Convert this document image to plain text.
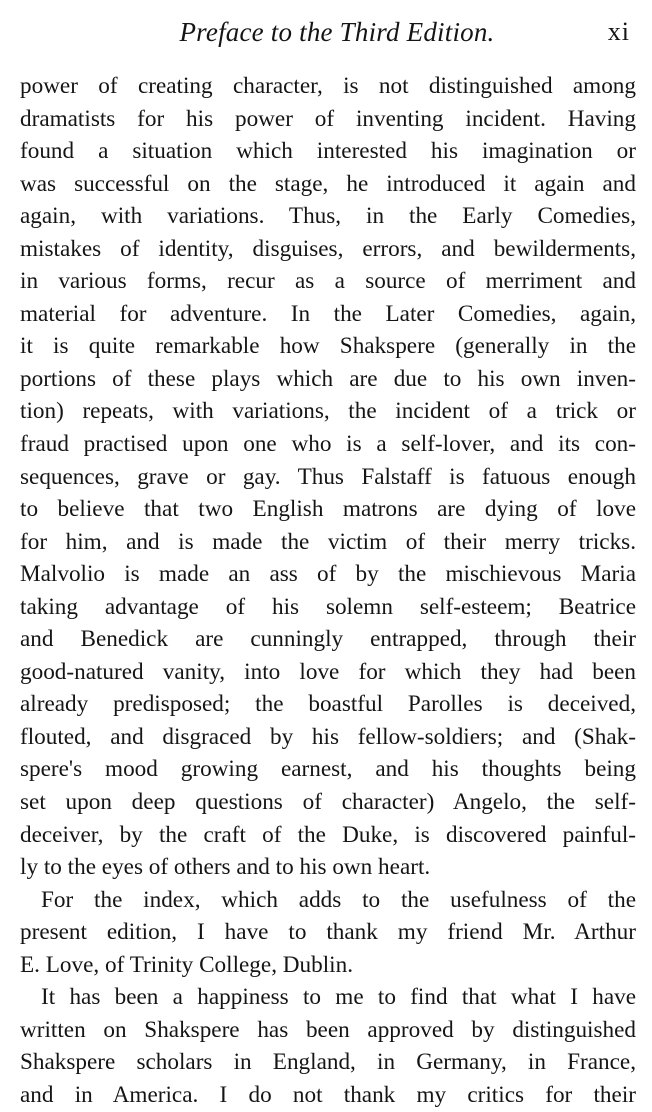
Preface to the Third Edition.	xi
power of creating character, is not distinguished among
dramatists for his power of inventing incident. Having
found a situation which interested his imagination or
was successful on the stage, he introduced it again and
again, with variations. Thus, in the Early Comedies,
mistakes of identity, disguises, errors, and bewilderments,
in various forms, recur as a source of merriment and
material for adventure. In the Later Comedies, again,
it is quite remarkable how Shakspere (generally in the
portions of these plays which are due to his own inven-
tion) repeats, with variations, the incident of a trick or
fraud practised upon one who is a self-lover, and its con-
sequences, grave or gay. Thus Falstaff is fatuous enough
to believe that two English matrons are dying of love
for him, and is made the victim of their merry tricks.
Malvolio is made an ass of by the mischievous Maria
taking advantage of his solemn self-esteem; Beatrice
and Benedick are cunningly entrapped, through their
good-natured vanity, into love for which they had been
already predisposed; the boastful Parolles is deceived,
flouted, and disgraced by his fellow-soldiers; and (Shak-
spere's mood growing earnest, and his thoughts being
set upon deep questions of character) Angelo, the self-
deceiver, by the craft of the Duke, is discovered painful-
ly to the eyes of others and to his own heart.
For the index, which adds to the usefulness of the
present edition, I have to thank my friend Mr. Arthur
E. Love, of Trinity College, Dublin.
It has been a happiness to me to find that what I have
written on Shakspere has been approved by distinguished
Shakspere scholars in England, in Germany, in France,
and in America. I do not thank my critics for their
